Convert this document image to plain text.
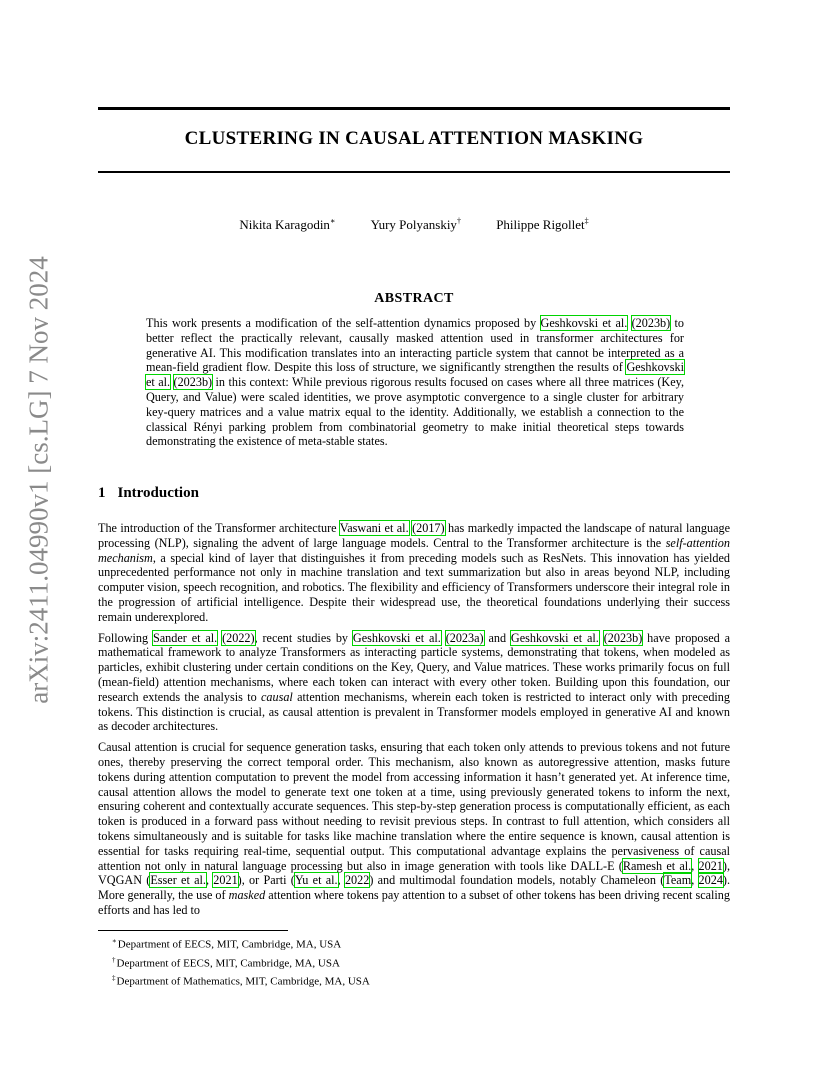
arXiv:2411.04990v1 [cs.LG] 7 Nov 2024
CLUSTERING IN CAUSAL ATTENTION MASKING
Nikita Karagodin∗	Yury Polyanskiy†	Philippe Rigollet‡
ABSTRACT
This work presents a modification of the self-attention dynamics proposed by Geshkovski et al. (2023b) to better reflect the practically relevant, causally masked attention used in transformer architectures for generative AI. This modification translates into an interacting particle system that cannot be interpreted as a mean-field gradient flow. Despite this loss of structure, we significantly strengthen the results of Geshkovski et al. (2023b) in this context: While previous rigorous results focused on cases where all three matrices (Key, Query, and Value) were scaled identities, we prove asymptotic convergence to a single cluster for arbitrary key-query matrices and a value matrix equal to the identity. Additionally, we establish a connection to the classical Rényi parking problem from combinatorial geometry to make initial theoretical steps towards demonstrating the existence of meta-stable states.
1 Introduction

The introduction of the Transformer architecture Vaswani et al. (2017) has markedly impacted the landscape of natural language processing (NLP), signaling the advent of large language models. Central to the Transformer architecture is the self-attention mechanism, a special kind of layer that distinguishes it from preceding models such as ResNets. This innovation has yielded unprecedented performance not only in machine translation and text summarization but also in areas beyond NLP, including computer vision, speech recognition, and robotics. The flexibility and efficiency of Transformers underscore their integral role in the progression of artificial intelligence. Despite their widespread use, the theoretical foundations underlying their success remain underexplored.

Following Sander et al. (2022), recent studies by Geshkovski et al. (2023a) and Geshkovski et al. (2023b) have proposed a mathematical framework to analyze Transformers as interacting particle systems, demonstrating that tokens, when modeled as particles, exhibit clustering under certain conditions on the Key, Query, and Value matrices. These works primarily focus on full (mean-field) attention mechanisms, where each token can interact with every other token. Building upon this foundation, our research extends the analysis to causal attention mechanisms, wherein each token is restricted to interact only with preceding tokens. This distinction is crucial, as causal attention is prevalent in Transformer models employed in generative AI and known as decoder architectures.

Causal attention is crucial for sequence generation tasks, ensuring that each token only attends to previous tokens and not future ones, thereby preserving the correct temporal order. This mechanism, also known as autoregressive attention, masks future tokens during attention computation to prevent the model from accessing information it hasn’t generated yet. At inference time, causal attention allows the model to generate text one token at a time, using previously generated tokens to inform the next, ensuring coherent and contextually accurate sequences. This step-by-step generation process is computationally efficient, as each token is produced in a forward pass without needing to revisit previous steps. In contrast to full attention, which considers all tokens simultaneously and is suitable for tasks like machine translation where the entire sequence is known, causal attention is essential for tasks requiring real-time, sequential output. This computational advantage explains the pervasiveness of causal attention not only in natural language processing but also in image generation with tools like DALL-E (Ramesh et al., 2021), VQGAN (Esser et al., 2021), or Parti (Yu et al., 2022) and multimodal foundation models, notably Chameleon (Team, 2024). More generally, the use of masked attention where tokens pay attention to a subset of other tokens has been driving recent scaling efforts and has led to

∗Department of EECS, MIT, Cambridge, MA, USA
†Department of EECS, MIT, Cambridge, MA, USA
‡Department of Mathematics, MIT, Cambridge, MA, USA
